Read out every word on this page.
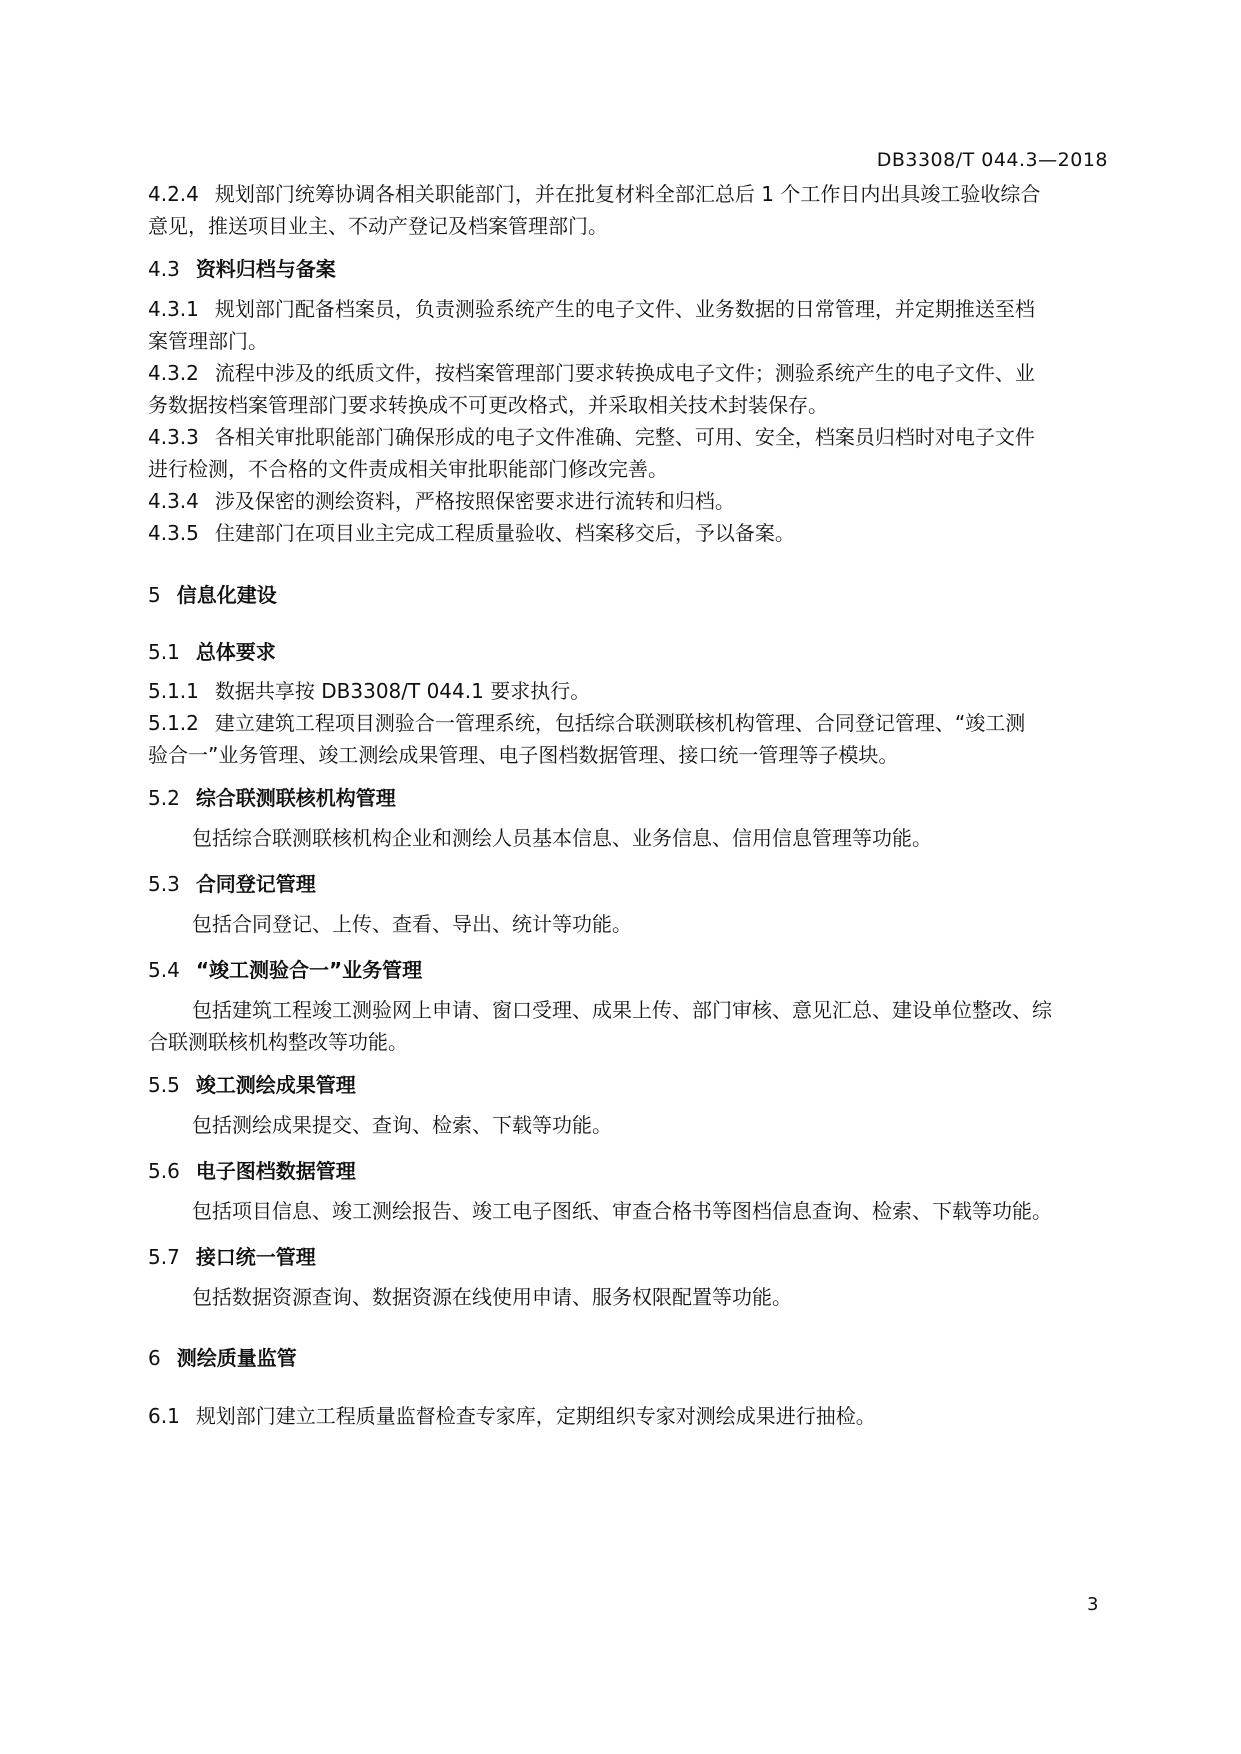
DB3308/T 044.3—2018
4.2.4 规划部门统筹协调各相关职能部门，并在批复材料全部汇总后 1 个工作日内出具竣工验收综合
意见，推送项目业主、不动产登记及档案管理部门。
4.3 资料归档与备案
4.3.1 规划部门配备档案员，负责测验系统产生的电子文件、业务数据的日常管理，并定期推送至档
案管理部门。
4.3.2 流程中涉及的纸质文件，按档案管理部门要求转换成电子文件；测验系统产生的电子文件、业
务数据按档案管理部门要求转换成不可更改格式，并采取相关技术封装保存。
4.3.3 各相关审批职能部门确保形成的电子文件准确、完整、可用、安全，档案员归档时对电子文件
进行检测，不合格的文件责成相关审批职能部门修改完善。
4.3.4 涉及保密的测绘资料，严格按照保密要求进行流转和归档。
4.3.5 住建部门在项目业主完成工程质量验收、档案移交后，予以备案。
5 信息化建设
5.1 总体要求
5.1.1 数据共享按 DB3308/T 044.1 要求执行。
5.1.2 建立建筑工程项目测验合一管理系统，包括综合联测联核机构管理、合同登记管理、“竣工测
验合一”业务管理、竣工测绘成果管理、电子图档数据管理、接口统一管理等子模块。
5.2 综合联测联核机构管理
包括综合联测联核机构企业和测绘人员基本信息、业务信息、信用信息管理等功能。
5.3 合同登记管理
包括合同登记、上传、查看、导出、统计等功能。
5.4 “竣工测验合一”业务管理
包括建筑工程竣工测验网上申请、窗口受理、成果上传、部门审核、意见汇总、建设单位整改、综
合联测联核机构整改等功能。
5.5 竣工测绘成果管理
包括测绘成果提交、查询、检索、下载等功能。
5.6 电子图档数据管理
包括项目信息、竣工测绘报告、竣工电子图纸、审查合格书等图档信息查询、检索、下载等功能。
5.7 接口统一管理
包括数据资源查询、数据资源在线使用申请、服务权限配置等功能。
6 测绘质量监管
6.1 规划部门建立工程质量监督检查专家库，定期组织专家对测绘成果进行抽检。
3
